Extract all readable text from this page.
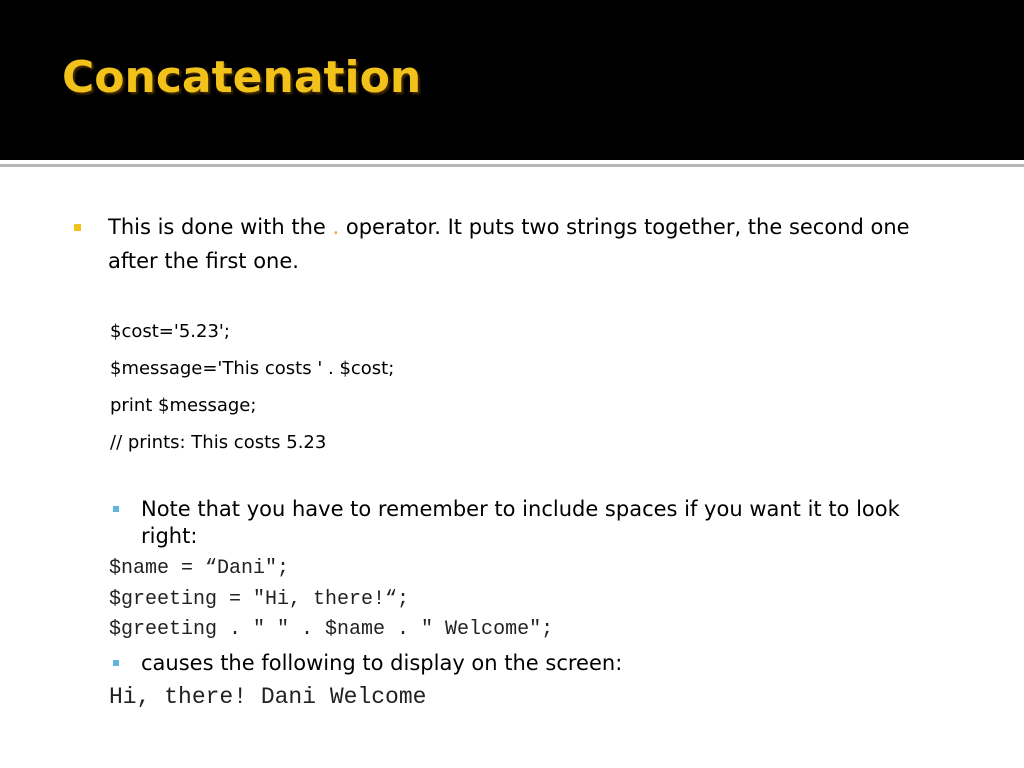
Concatenation

This is done with the . operator. It puts two strings together, the second one after the first one.

$cost='5.23';

$message='This costs ' . $cost;

print $message;

// prints: This costs 5.23

Note that you have to remember to include spaces if you want it to look right:

$name = “Dani";

$greeting = "Hi, there!“;

$greeting . " " . $name . " Welcome";

causes the following to display on the screen:

Hi, there! Dani Welcome
